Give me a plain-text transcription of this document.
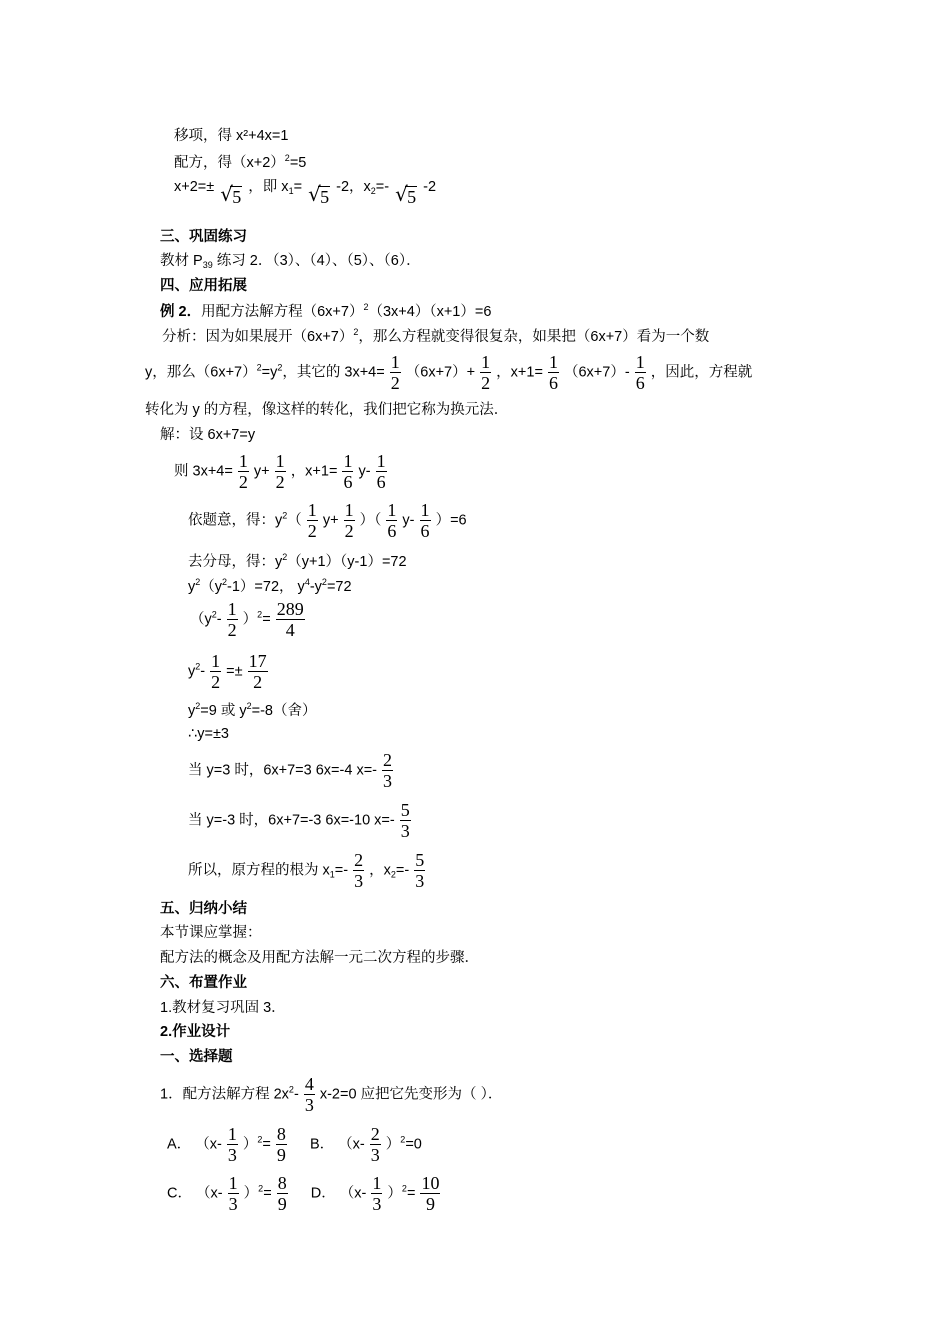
移项，得 x²+4x=1
配方，得$(x+2)^2=5$
x+2=± √ 5 ，即 $x_1=$ √ 5 -2，$x_2=-$ √ 5 -2
三、巩固练习
教材 $P_{39}$ 练习 2．（3）、（4）、（5）、（6）．
四、应用拓展
例 2．用配方法解方程$(6x+7)^2(3x+4)(x+1)=6$
分析：因为如果展开$(6x+7)^2$，那么方程就变得很复杂，如果把（6x+7）看为一个数
y，那么$(6x+7)^2=y^2$，其它的 $3x+4= \frac{1}{2} (6x+7)+ \frac{1}{2}$ ，$x+1= \frac{1}{6} (6x+7)- \frac{1}{6}$ ，因此，方程就
转化为 y 的方程，像这样的转化，我们把它称为换元法．
解：设 6x+7=y
则 $3x+4= \frac{1}{2} y+ \frac{1}{2}$ ，$x+1= \frac{1}{6} y- \frac{1}{6}$
依题意，得：$y^2( \frac{1}{2} y+ \frac{1}{2}$ ）（ $\frac{1}{6} y- \frac{1}{6} )=6$
去分母，得：$y^2(y+1)(y-1)=72$
$y^2(y^2-1)=72$， $y^4-y^2=72$
$(y^2- \frac{1}{2} )^2= \frac{289}{4}$
$y^2- \frac{1}{2} =\pm \frac{17}{2}$
$y^2=9$ 或 $y^2=-8$（舍）
∴y=±3
当 y=3 时，6x+7=3 6x=-4 $x=- \frac{2}{3}$
当 y=-3 时，6x+7=-3 6x=-10 $x=- \frac{5}{3}$
所以，原方程的根为 $x_1=- \frac{2}{3}$ ，$x_2=- \frac{5}{3}$
五、归纳小结
本节课应掌握：
配方法的概念及用配方法解一元二次方程的步骤．
六、布置作业
1.教材复习巩固 3．
2.作业设计
一、选择题
1．配方法解方程 $2x^2- \frac{4}{3} x-2=0$ 应把它先变形为（ ）．
A． $(x- \frac{1}{3} )^2= \frac{8}{9}$ B． $(x- \frac{2}{3} )^2=0$
C． $(x- \frac{1}{3} )^2= \frac{8}{9}$ D． $(x- \frac{1}{3} )^2= \frac{10}{9}$
